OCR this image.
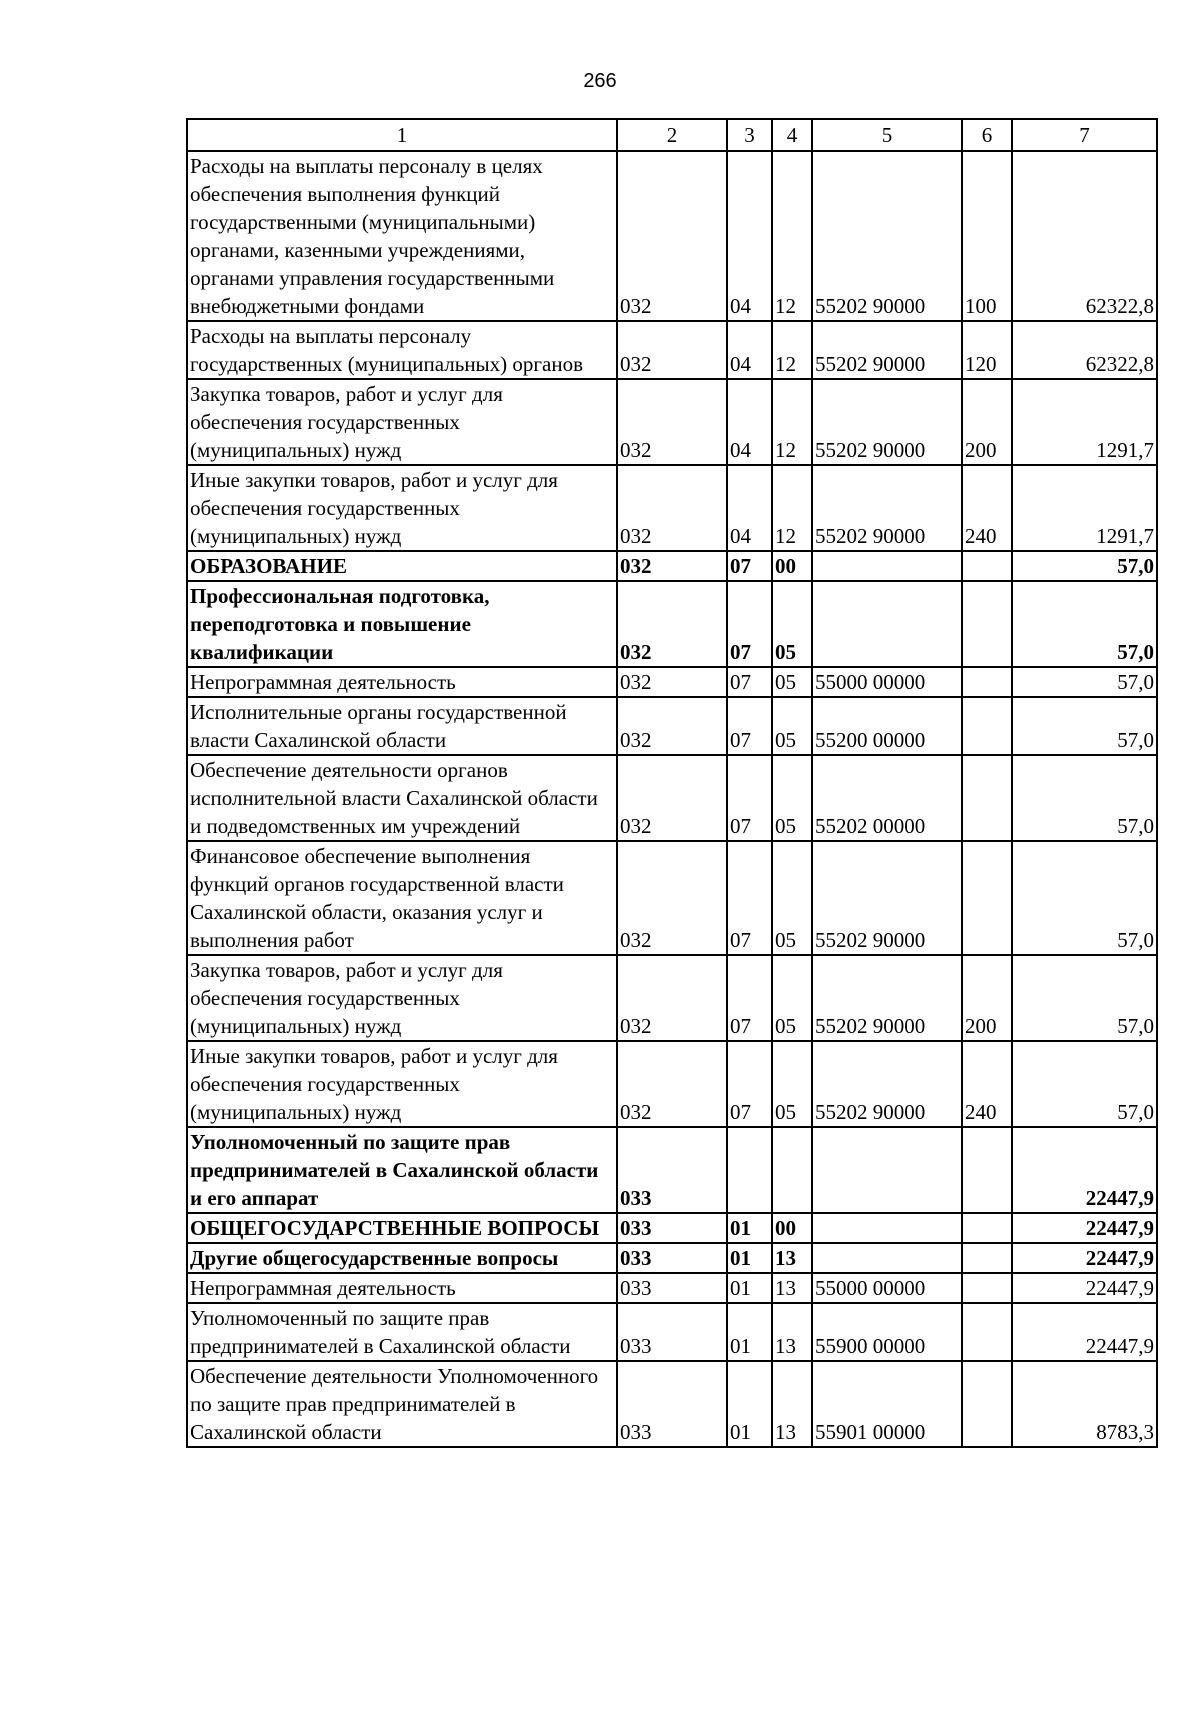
266
1	2	3	4	5	6	7
Расходы на выплаты персоналу в целях обеспечения выполнения функций государственными (муниципальными) органами, казенными учреждениями, органами управления государственными внебюджетными фондами	032	04	12	55202 90000	100	62322,8
Расходы на выплаты персоналу государственных (муниципальных) органов	032	04	12	55202 90000	120	62322,8
Закупка товаров, работ и услуг для обеспечения государственных (муниципальных) нужд	032	04	12	55202 90000	200	1291,7
Иные закупки товаров, работ и услуг для обеспечения государственных (муниципальных) нужд	032	04	12	55202 90000	240	1291,7
ОБРАЗОВАНИЕ	032	07	00			57,0
Профессиональная подготовка, переподготовка и повышение квалификации	032	07	05			57,0
Непрограммная деятельность	032	07	05	55000 00000		57,0
Исполнительные органы государственной власти Сахалинской области	032	07	05	55200 00000		57,0
Обеспечение деятельности органов исполнительной власти Сахалинской области и подведомственных им учреждений	032	07	05	55202 00000		57,0
Финансовое обеспечение выполнения функций органов государственной власти Сахалинской области, оказания услуг и выполнения работ	032	07	05	55202 90000		57,0
Закупка товаров, работ и услуг для обеспечения государственных (муниципальных) нужд	032	07	05	55202 90000	200	57,0
Иные закупки товаров, работ и услуг для обеспечения государственных (муниципальных) нужд	032	07	05	55202 90000	240	57,0
Уполномоченный по защите прав предпринимателей в Сахалинской области и его аппарат	033					22447,9
ОБЩЕГОСУДАРСТВЕННЫЕ ВОПРОСЫ	033	01	00			22447,9
Другие общегосударственные вопросы	033	01	13			22447,9
Непрограммная деятельность	033	01	13	55000 00000		22447,9
Уполномоченный по защите прав предпринимателей в Сахалинской области	033	01	13	55900 00000		22447,9
Обеспечение деятельности Уполномоченного по защите прав предпринимателей в Сахалинской области	033	01	13	55901 00000		8783,3
